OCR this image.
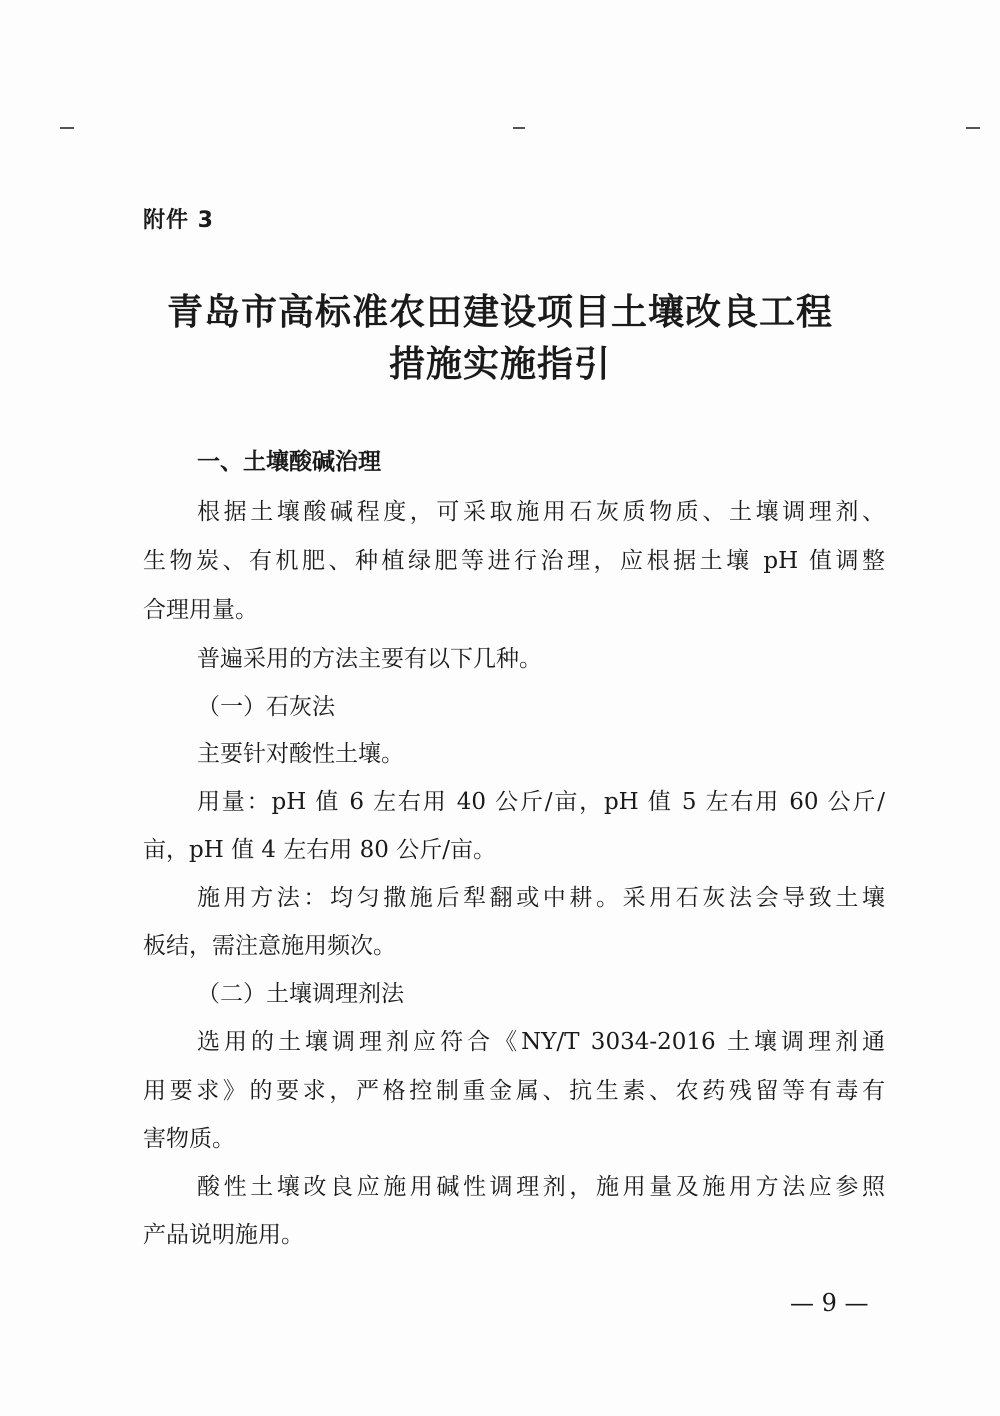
附件 3
青岛市高标准农田建设项目土壤改良工程
措施实施指引
一、土壤酸碱治理
根据土壤酸碱程度，可采取施用石灰质物质、土壤调理剂、
生物炭、有机肥、种植绿肥等进行治理，应根据土壤 pH 值调整
合理用量。
普遍采用的方法主要有以下几种。
（一）石灰法
主要针对酸性土壤。
用量：pH 值 6 左右用 40 公斤/亩，pH 值 5 左右用 60 公斤/
亩，pH 值 4 左右用 80 公斤/亩。
施用方法：均匀撒施后犁翻或中耕。采用石灰法会导致土壤
板结，需注意施用频次。
（二）土壤调理剂法
选用的土壤调理剂应符合《NY/T 3034-2016 土壤调理剂通
用要求》的要求，严格控制重金属、抗生素、农药残留等有毒有
害物质。
酸性土壤改良应施用碱性调理剂，施用量及施用方法应参照
产品说明施用。
— 9 —
